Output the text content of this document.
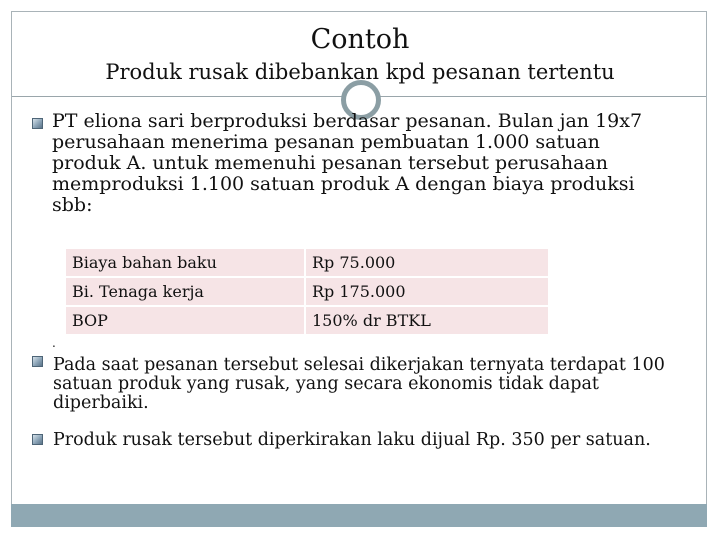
Contoh
Produk rusak dibebankan kpd pesanan tertentu
PT eliona sari berproduksi berdasar pesanan. Bulan jan 19x7
perusahaan menerima pesanan pembuatan 1.000 satuan
produk A. untuk memenuhi pesanan tersebut perusahaan
memproduksi 1.100 satuan produk A dengan biaya produksi
sbb:
Biaya bahan baku	Rp 75.000
Bi. Tenaga kerja	Rp 175.000
BOP	150% dr BTKL
.
Pada saat pesanan tersebut selesai dikerjakan ternyata terdapat 100
satuan produk yang rusak, yang secara ekonomis tidak dapat
diperbaiki.
Produk rusak tersebut diperkirakan laku dijual Rp. 350 per satuan.
